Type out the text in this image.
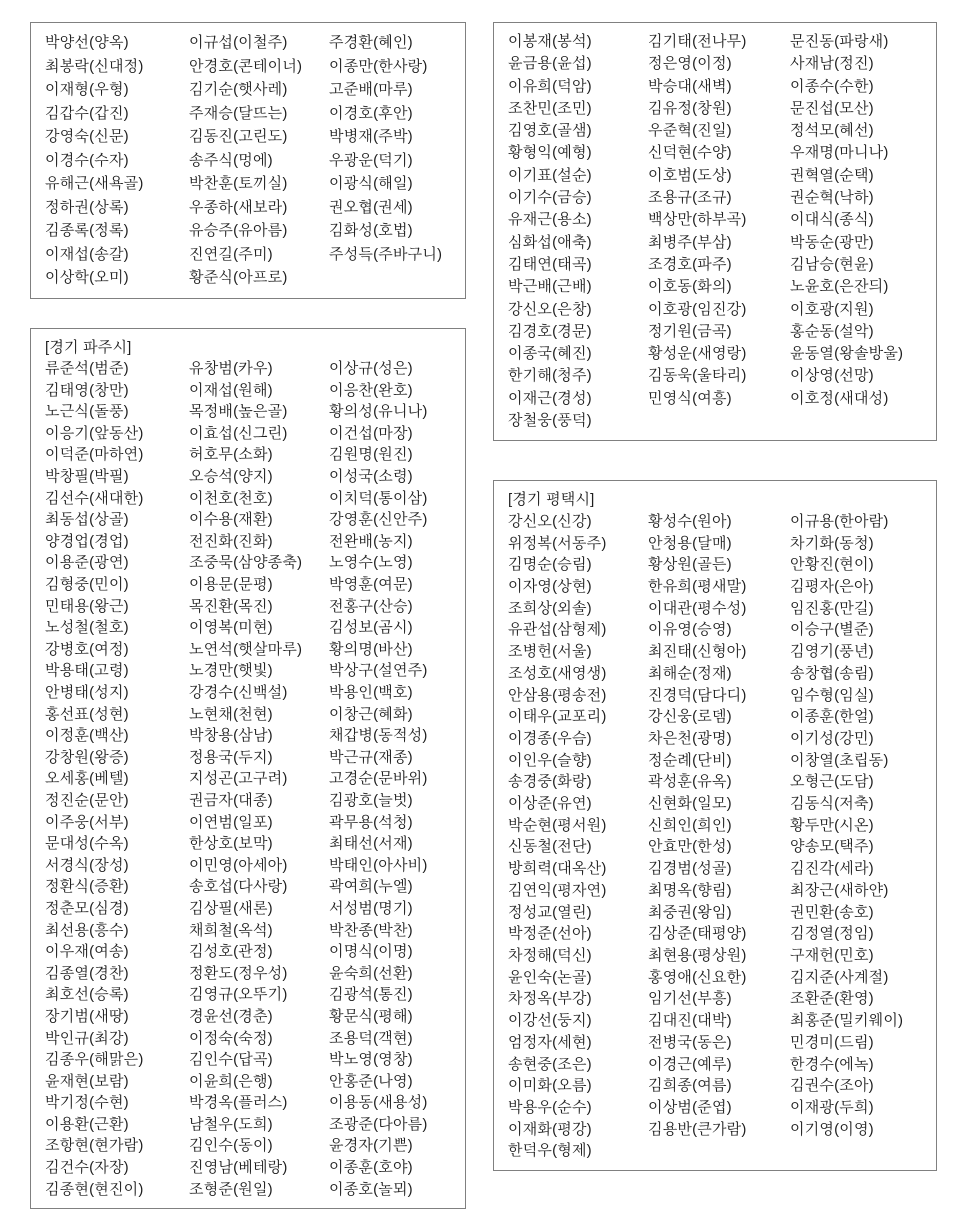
박양선(양옥)	이규섭(이철주)	주경환(혜인)
최봉락(신대정)	안경호(콘테이너)	이종만(한사랑)
이재형(우형)	김기순(햇사레)	고준배(마루)
김갑수(갑진)	주재승(달뜨는)	이경호(후안)
강영숙(신문)	김동진(고린도)	박병재(주박)
이경수(수자)	송주식(멍에)	우광운(덕기)
유해근(새욕골)	박찬훈(토끼실)	이광식(해일)
정하권(상록)	우종하(새보라)	권오협(권세)
김종록(정록)	유승주(유아름)	김화성(호법)
이재섭(송갈)	진연길(주미)	주성득(주바구니)
이상학(오미)	황준식(아프로)
[경기 파주시]
류준석(범준)	유창범(카우)	이상규(성은)
김태영(창만)	이재섭(원해)	이응찬(완호)
노근식(돌풍)	목정배(높은골)	황의성(유니나)
이응기(앞동산)	이효섭(신그린)	이건섭(마장)
이덕준(마하연)	허호무(소화)	김원명(원진)
박창필(박필)	오승석(양지)	이성국(소령)
김선수(새대한)	이천호(천호)	이치덕(통이삼)
최동섭(상골)	이수용(재환)	강영훈(신안주)
양경업(경업)	전진화(진화)	전완배(농지)
이용준(광연)	조중묵(삼양종축)	노영수(노영)
김형중(민이)	이용문(문평)	박영훈(여문)
민태용(왕근)	목진환(목진)	전홍구(산승)
노성철(철호)	이영복(미현)	김성보(곰시)
강병호(여정)	노연석(햇살마루)	황의명(바산)
박용태(고령)	노경만(햇빛)	박상구(설연주)
안병태(성지)	강경수(신백설)	박용인(백호)
홍선표(성현)	노현채(천현)	이창근(혜화)
이정훈(백산)	박창용(삼남)	채갑병(동적성)
강창원(왕증)	정용국(두지)	박근규(재종)
오세홍(베텔)	지성곤(고구려)	고경순(문바위)
정진순(문안)	권금자(대종)	김광호(늘벗)
이주웅(서부)	이연범(일포)	곽무용(석청)
문대성(수옥)	한상호(보막)	최태선(서재)
서경식(장성)	이민영(아세아)	박태인(아사비)
정환식(증환)	송호섭(다사랑)	곽여희(누엘)
정춘모(심경)	김상필(새론)	서성범(명기)
최선용(흥수)	채희철(옥석)	박찬종(박찬)
이우재(여송)	김성호(관정)	이명식(이명)
김종열(경찬)	정환도(정우성)	윤숙희(선환)
최호선(승록)	김영규(오뚜기)	김광석(통진)
장기범(새땅)	경윤선(경춘)	황문식(평해)
박인규(최강)	이정숙(숙정)	조용덕(객현)
김종우(해맑은)	김인수(답곡)	박노영(영창)
윤재현(보람)	이윤희(은행)	안홍준(나영)
박기정(수현)	박경옥(플러스)	이용동(새용성)
이용환(근환)	남철우(도희)	조광준(다아름)
조항현(현가람)	김인수(동이)	윤경자(기쁜)
김건수(자장)	진영남(베테랑)	이종훈(호야)
김종현(현진이)	조형준(원일)	이종호(놀뫼)
이봉재(봉석)	김기태(전나무)	문진동(파랑새)
윤금용(윤섭)	정은영(이정)	사재남(정진)
이유희(덕암)	박승대(새벽)	이종수(수한)
조찬민(조민)	김유정(창원)	문진섭(모산)
김영호(골샘)	우준혁(진일)	정석모(혜선)
황형익(예형)	신덕현(수양)	우재명(마니나)
이기표(설순)	이호범(도상)	권혁열(순택)
이기수(금승)	조용규(조규)	권순혁(낙하)
유재근(용소)	백상만(하부곡)	이대식(종식)
심화섭(애축)	최병주(부삼)	박동순(광만)
김태연(태곡)	조경호(파주)	김남승(현윤)
박근배(근배)	이호동(화의)	노윤호(은잔듸)
강신오(은창)	이호광(임진강)	이호광(지원)
김경호(경문)	정기원(금곡)	홍순동(설악)
이종국(혜진)	황성운(새영랑)	윤동열(왕솔방울)
한기해(청주)	김동욱(울타리)	이상영(선망)
이재근(경성)	민영식(여흥)	이호정(새대성)
장철웅(풍덕)
[경기 평택시]
강신오(신강)	황성수(원아)	이규용(한아람)
위정복(서동주)	안청용(달매)	차기화(동청)
김명순(승림)	황상원(골든)	안황진(현이)
이자영(상현)	한유희(평새말)	김평자(은아)
조희상(외솔)	이대관(평수성)	임진홍(만길)
유관섭(삼형제)	이유영(승영)	이승구(별준)
조병헌(서울)	최진태(신형아)	김영기(풍년)
조성호(새영생)	최해순(정재)	송창협(송림)
안삼용(평송전)	진경덕(담다디)	임수형(임실)
이태우(교포리)	강신웅(로뎀)	이종훈(한얼)
이경종(우슴)	차은천(광명)	이기성(강민)
이인우(슬향)	정순례(단비)	이창열(초립동)
송경중(화랑)	곽성훈(유옥)	오형근(도담)
이상준(유연)	신현화(일모)	김동식(저축)
박순현(평서원)	신희인(희인)	황두만(시온)
신동철(전단)	안효만(한성)	양송모(택주)
방희력(대옥산)	김경범(성골)	김진각(세라)
김연익(평자연)	최명옥(향림)	최장근(새하얀)
정성교(열린)	최중권(왕임)	권민환(송호)
박정준(선아)	김상준(태평양)	김정열(정임)
차정해(덕신)	최현용(평상원)	구재헌(민호)
윤인숙(논골)	홍영애(신요한)	김지준(사계절)
차정옥(부강)	임기선(부흥)	조환준(환영)
이강선(둥지)	김대진(대박)	최홍준(밀키웨이)
엄정자(세현)	전병국(동은)	민경미(드림)
송현중(조은)	이경근(예루)	한경수(에녹)
이미화(오름)	김희종(여름)	김권수(조아)
박용우(순수)	이상범(준엽)	이재광(두희)
이재화(평강)	김용반(큰가람)	이기영(이영)
한덕우(형제)
